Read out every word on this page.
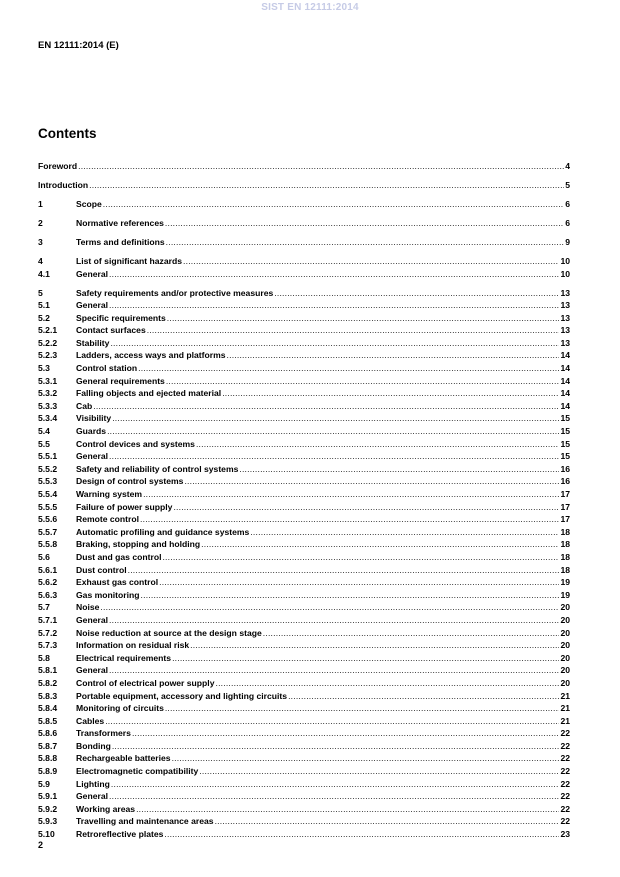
SIST EN 12111:2014
EN 12111:2014 (E)
Contents
Foreword .....	4
Introduction .....	5
1	Scope .....	6
2	Normative references .....	6
3	Terms and definitions .....	9
4	List of significant hazards .....	10
4.1	General .....	10
5	Safety requirements and/or protective measures .....	13
5.1	General .....	13
5.2	Specific requirements .....	13
5.2.1	Contact surfaces .....	13
5.2.2	Stability .....	13
5.2.3	Ladders, access ways and platforms .....	14
5.3	Control station .....	14
5.3.1	General requirements .....	14
5.3.2	Falling objects and ejected material .....	14
5.3.3	Cab .....	14
5.3.4	Visibility .....	15
5.4	Guards .....	15
5.5	Control devices and systems .....	15
5.5.1	General .....	15
5.5.2	Safety and reliability of control systems .....	16
5.5.3	Design of control systems .....	16
5.5.4	Warning system .....	17
5.5.5	Failure of power supply .....	17
5.5.6	Remote control .....	17
5.5.7	Automatic profiling and guidance systems .....	18
5.5.8	Braking, stopping and holding .....	18
5.6	Dust and gas control .....	18
5.6.1	Dust control .....	18
5.6.2	Exhaust gas control .....	19
5.6.3	Gas monitoring .....	19
5.7	Noise .....	20
5.7.1	General .....	20
5.7.2	Noise reduction at source at the design stage .....	20
5.7.3	Information on residual risk .....	20
5.8	Electrical requirements .....	20
5.8.1	General .....	20
5.8.2	Control of electrical power supply .....	20
5.8.3	Portable equipment, accessory and lighting circuits .....	21
5.8.4	Monitoring of circuits .....	21
5.8.5	Cables .....	21
5.8.6	Transformers .....	22
5.8.7	Bonding .....	22
5.8.8	Rechargeable batteries .....	22
5.8.9	Electromagnetic compatibility .....	22
5.9	Lighting .....	22
5.9.1	General .....	22
5.9.2	Working areas .....	22
5.9.3	Travelling and maintenance areas .....	22
5.10	Retroreflective plates .....	23
2
